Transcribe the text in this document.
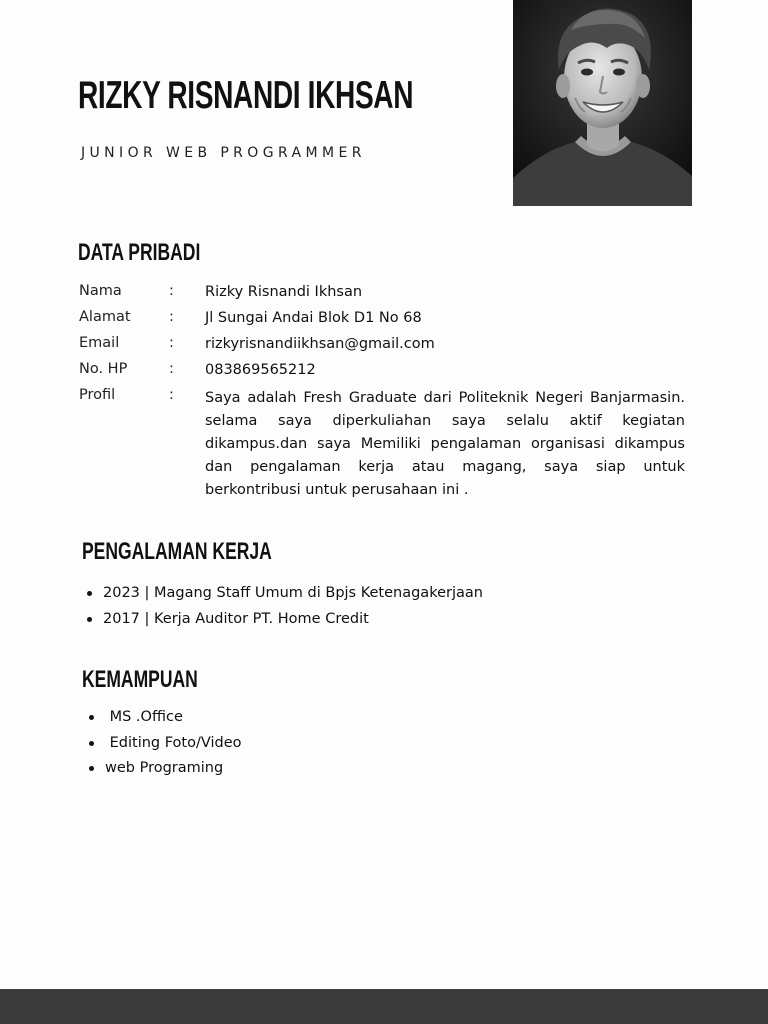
RIZKY RISNANDI IKHSAN
JUNIOR WEB PROGRAMMER
DATA PRIBADI
Nama	: Rizky Risnandi Ikhsan
Alamat	: Jl Sungai Andai Blok D1 No 68
Email	: rizkyrisnandiikhsan@gmail.com
No. HP	: 083869565212
Profil	: Saya adalah Fresh Graduate dari Politeknik Negeri Banjarmasin. selama saya diperkuliahan saya selalu aktif kegiatan dikampus.dan saya Memiliki pengalaman organisasi dikampus dan pengalaman kerja atau magang, saya siap untuk berkontribusi untuk perusahaan ini .

PENGALAMAN KERJA
2023 | Magang Staff Umum di Bpjs Ketenagakerjaan
2017 | Kerja Auditor PT. Home Credit
KEMAMPUAN
MS .Office
Editing Foto/Video
web Programing
